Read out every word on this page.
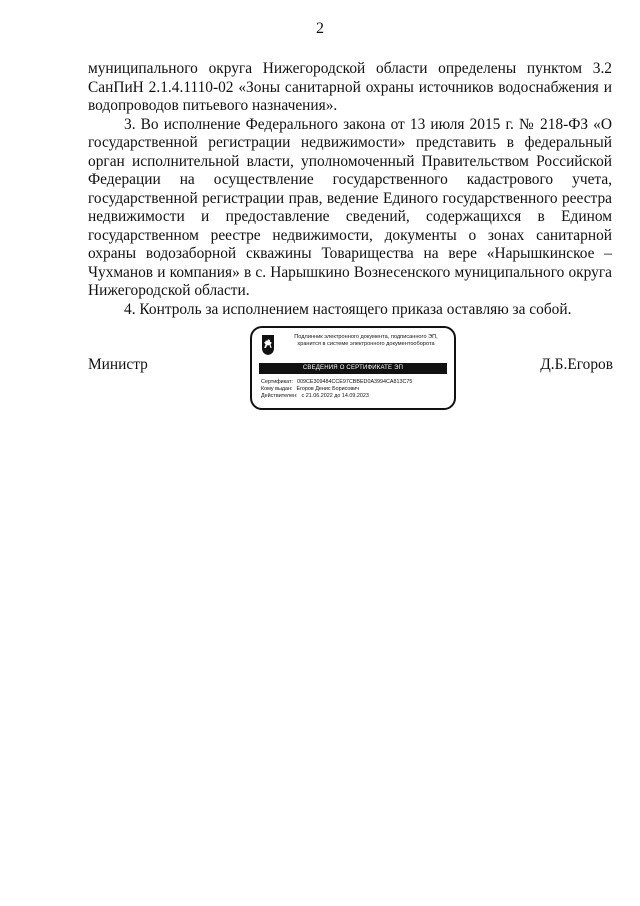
2

муниципального округа Нижегородской области определены пунктом 3.2 СанПиН 2.1.4.1110-02 «Зоны санитарной охраны источников водоснабжения и водопроводов питьевого назначения».

3. Во исполнение Федерального закона от 13 июля 2015 г. № 218-ФЗ «О государственной регистрации недвижимости» представить в федеральный орган исполнительной власти, уполномоченный Правительством Российской Федерации на осуществление государственного кадастрового учета, государственной регистрации прав, ведение Единого государственного реестра недвижимости и предоставление сведений, содержащихся в Едином государственном реестре недвижимости, документы о зонах санитарной охраны водозаборной скважины Товарищества на вере «Нарышкинское – Чухманов и компания» в с. Нарышкино Вознесенского муниципального округа Нижегородской области.

4. Контроль за исполнением настоящего приказа оставляю за собой.

Министр
Подлинник электронного документа, подписанного ЭП,
хранится в системе электронного документооборота
СВЕДЕНИЯ О СЕРТИФИКАТЕ ЭП
Сертификат: 009CE309484CCE97CBBED0A3994CA813C75
Кому выдан: Егоров Денис Борисович
Действителен: с 21.06.2022 до 14.09.2023
Д.Б.Егоров
